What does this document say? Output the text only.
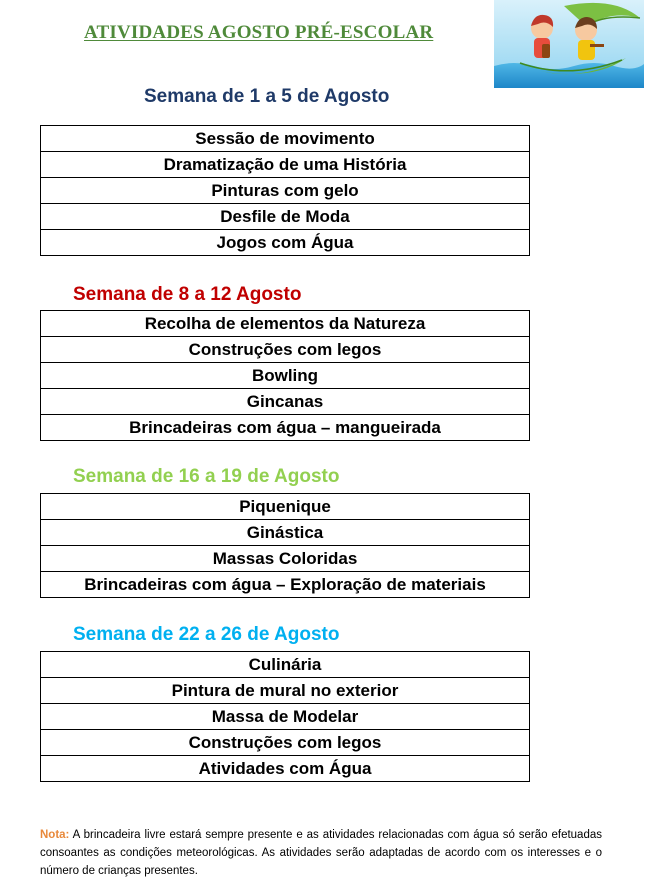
ATIVIDADES AGOSTO PRÉ-ESCOLAR
Semana de 1 a 5 de Agosto
Sessão de movimento
Dramatização de uma História
Pinturas com gelo
Desfile de Moda
Jogos com Água
Semana de 8 a 12 Agosto
Recolha de elementos da Natureza
Construções com legos
Bowling
Gincanas
Brincadeiras com água – mangueirada
Semana de 16 a 19 de Agosto
Piquenique
Ginástica
Massas Coloridas
Brincadeiras com água – Exploração de materiais
Semana de 22 a 26 de Agosto
Culinária
Pintura de mural no exterior
Massa de Modelar
Construções com legos
Atividades com Água
Nota: A brincadeira livre estará sempre presente e as atividades relacionadas com água só serão efetuadas consoantes as condições meteorológicas. As atividades serão adaptadas de acordo com os interesses e o número de crianças presentes.
